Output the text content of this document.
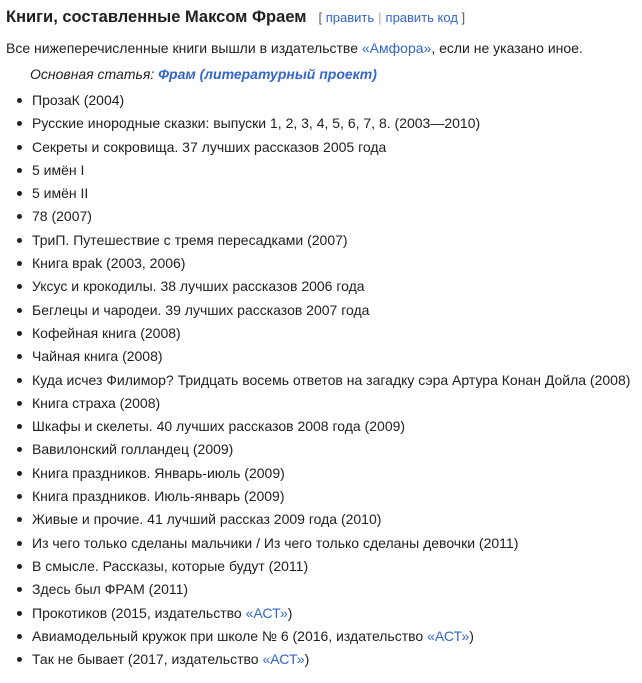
Книги, составленные Максом Фраем [ править | править код ]

Все нижеперечисленные книги вышли в издательстве «Амфора», если не указано иное.

Основная статья: Фрам (литературный проект)
ПрозаК (2004)
Русские инородные сказки: выпуски 1, 2, 3, 4, 5, 6, 7, 8. (2003—2010)
Секреты и сокровища. 37 лучших рассказов 2005 года
5 имён I
5 имён II
78 (2007)
ТриП. Путешествие с тремя пересадками (2007)
Книга враk (2003, 2006)
Уксус и крокодилы. 38 лучших рассказов 2006 года
Беглецы и чародеи. 39 лучших рассказов 2007 года
Кофейная книга (2008)
Чайная книга (2008)
Куда исчез Филимор? Тридцать восемь ответов на загадку сэра Артура Конан Дойла (2008)
Книга страха (2008)
Шкафы и скелеты. 40 лучших рассказов 2008 года (2009)
Вавилонский голландец (2009)
Книга праздников. Январь-июль (2009)
Книга праздников. Июль-январь (2009)
Живые и прочие. 41 лучший рассказ 2009 года (2010)
Из чего только сделаны мальчики / Из чего только сделаны девочки (2011)
В смысле. Рассказы, которые будут (2011)
Здесь был ФРАМ (2011)
Прокотиков (2015, издательство «АСТ»)
Авиамодельный кружок при школе № 6 (2016, издательство «АСТ»)
Так не бывает (2017, издательство «АСТ»)
